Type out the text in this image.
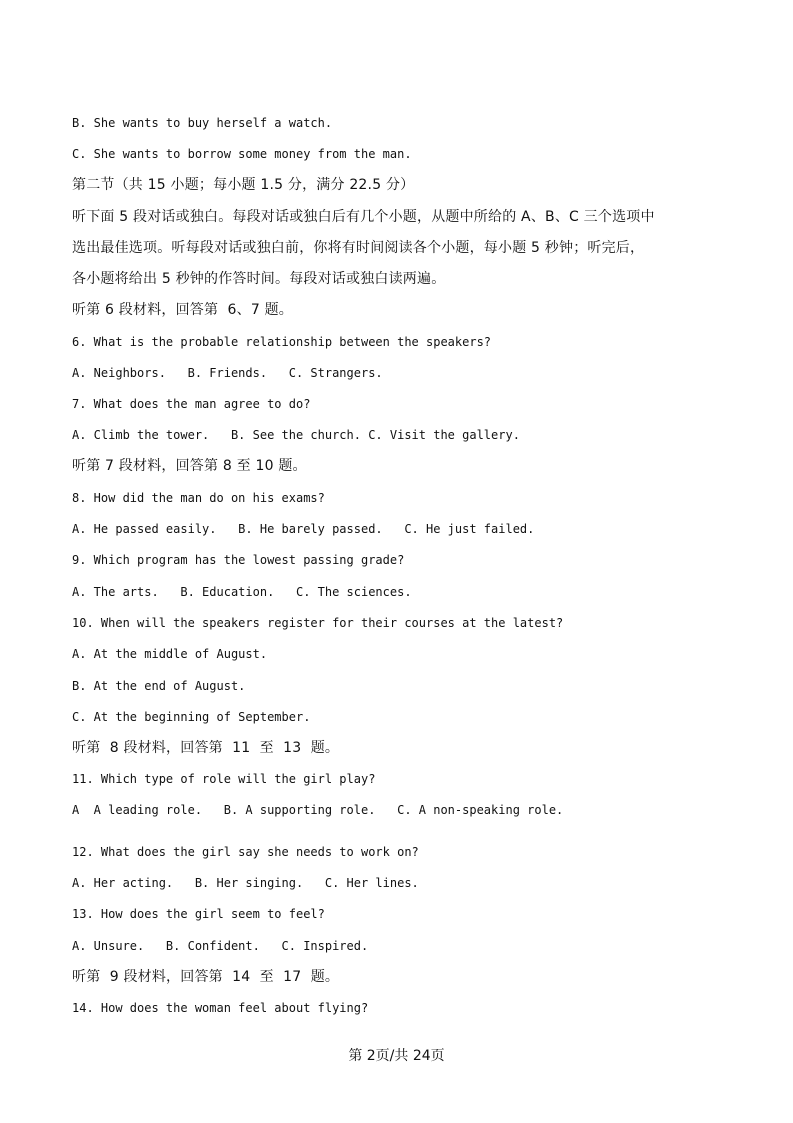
B. She wants to buy herself a watch.
C. She wants to borrow some money from the man.
第二节（共 15 小题；每小题 1.5 分，满分 22.5 分）
听下面 5 段对话或独白。每段对话或独白后有几个小题，从题中所给的 A、B、C 三个选项中
选出最佳选项。听每段对话或独白前，你将有时间阅读各个小题，每小题 5 秒钟；听完后，
各小题将给出 5 秒钟的作答时间。每段对话或独白读两遍。
听第 6 段材料，回答第  6、7 题。
6. What is the probable relationship between the speakers?
A. Neighbors.   B. Friends.   C. Strangers.
7. What does the man agree to do?
A. Climb the tower.   B. See the church. C. Visit the gallery.
听第 7 段材料，回答第 8 至 10 题。
8. How did the man do on his exams?
A. He passed easily.   B. He barely passed.   C. He just failed.
9. Which program has the lowest passing grade?
A. The arts.   B. Education.   C. The sciences.
10. When will the speakers register for their courses at the latest?
A. At the middle of August.
B. At the end of August.
C. At the beginning of September.
听第  8 段材料，回答第  11  至  13  题。
11. Which type of role will the girl play?
A  A leading role.   B. A supporting role.   C. A non-speaking role.
12. What does the girl say she needs to work on?
A. Her acting.   B. Her singing.   C. Her lines.
13. How does the girl seem to feel?
A. Unsure.   B. Confident.   C. Inspired.
听第  9 段材料，回答第  14  至  17  题。
14. How does the woman feel about flying?
第 2页/共 24页
